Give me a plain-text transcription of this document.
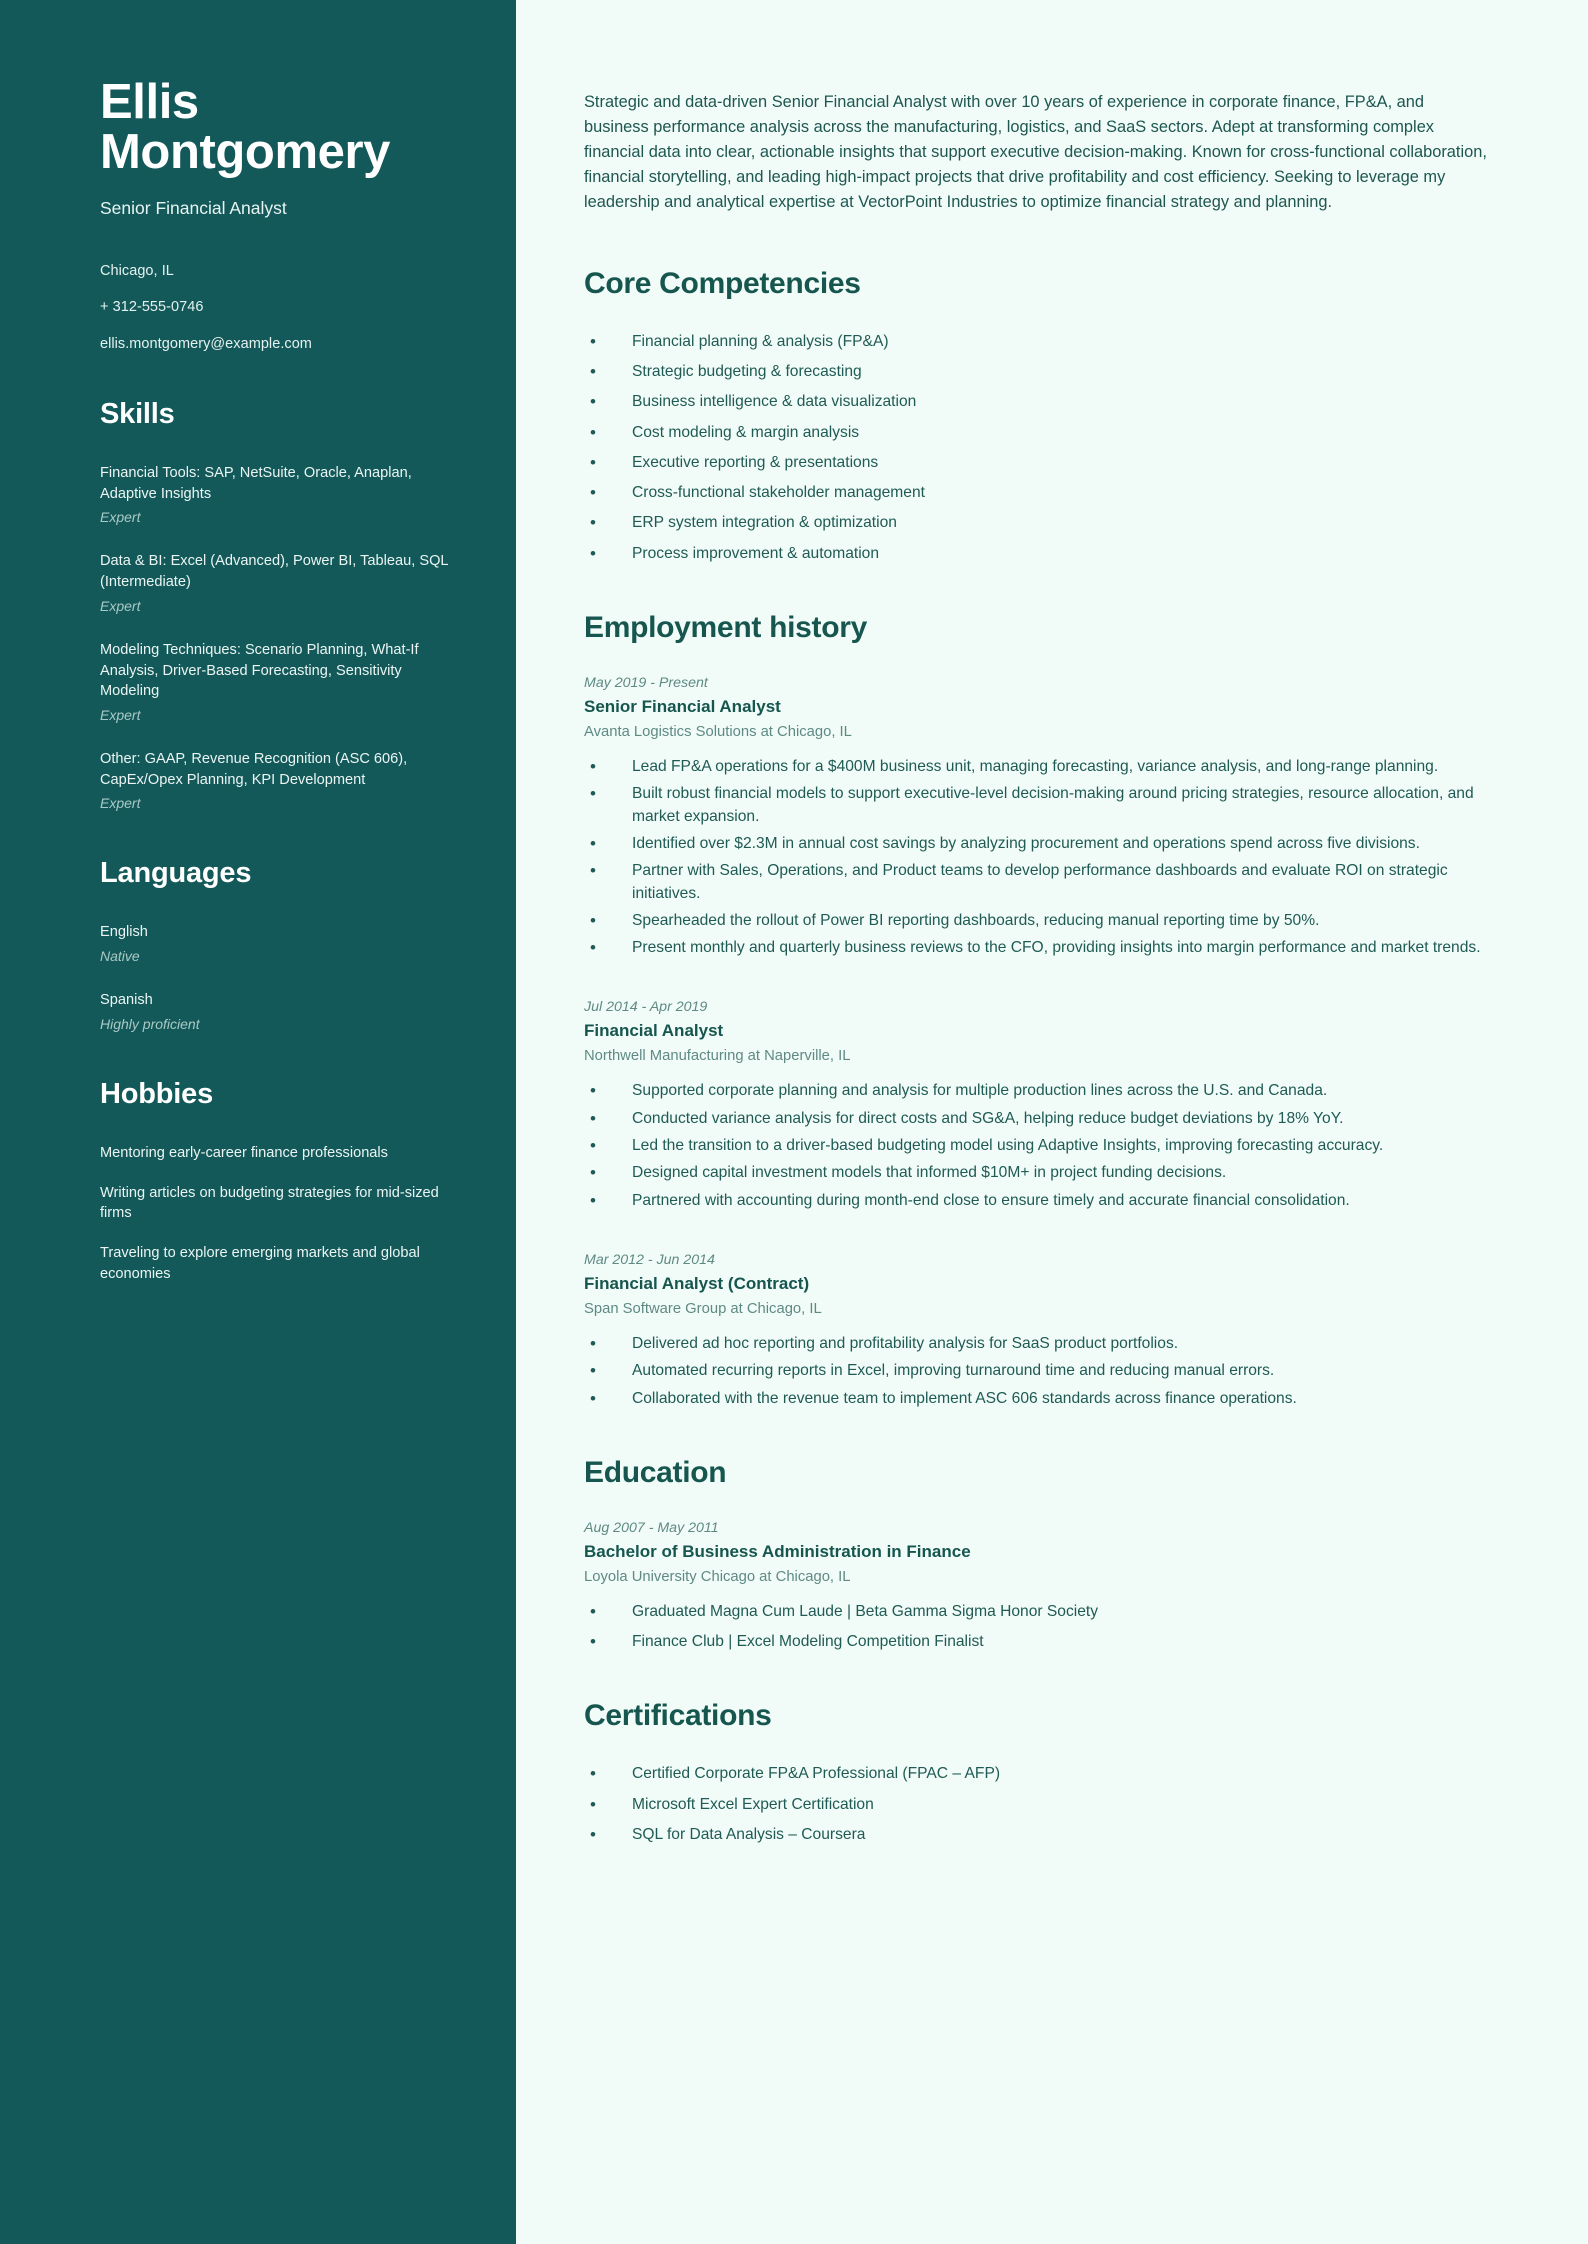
Ellis Montgomery
Senior Financial Analyst
Chicago, IL
+ 312-555-0746
ellis.montgomery@example.com
Skills
Financial Tools: SAP, NetSuite, Oracle, Anaplan, Adaptive Insights
Expert
Data & BI: Excel (Advanced), Power BI, Tableau, SQL (Intermediate)
Expert
Modeling Techniques: Scenario Planning, What-If Analysis, Driver-Based Forecasting, Sensitivity Modeling
Expert
Other: GAAP, Revenue Recognition (ASC 606), CapEx/Opex Planning, KPI Development
Expert
Languages
English
Native
Spanish
Highly proficient
Hobbies
Mentoring early-career finance professionals
Writing articles on budgeting strategies for mid-sized firms
Traveling to explore emerging markets and global economies

Strategic and data-driven Senior Financial Analyst with over 10 years of experience in corporate finance, FP&A, and business performance analysis across the manufacturing, logistics, and SaaS sectors. Adept at transforming complex financial data into clear, actionable insights that support executive decision-making. Known for cross-functional collaboration, financial storytelling, and leading high-impact projects that drive profitability and cost efficiency. Seeking to leverage my leadership and analytical expertise at VectorPoint Industries to optimize financial strategy and planning.

Core Competencies
• Financial planning & analysis (FP&A)
• Strategic budgeting & forecasting
• Business intelligence & data visualization
• Cost modeling & margin analysis
• Executive reporting & presentations
• Cross-functional stakeholder management
• ERP system integration & optimization
• Process improvement & automation
Employment history
May 2019 - Present
Senior Financial Analyst
Avanta Logistics Solutions at Chicago, IL
• Lead FP&A operations for a $400M business unit, managing forecasting, variance analysis, and long-range planning.
• Built robust financial models to support executive-level decision-making around pricing strategies, resource allocation, and market expansion.
• Identified over $2.3M in annual cost savings by analyzing procurement and operations spend across five divisions.
• Partner with Sales, Operations, and Product teams to develop performance dashboards and evaluate ROI on strategic initiatives.
• Spearheaded the rollout of Power BI reporting dashboards, reducing manual reporting time by 50%.
• Present monthly and quarterly business reviews to the CFO, providing insights into margin performance and market trends.
Jul 2014 - Apr 2019
Financial Analyst
Northwell Manufacturing at Naperville, IL
• Supported corporate planning and analysis for multiple production lines across the U.S. and Canada.
• Conducted variance analysis for direct costs and SG&A, helping reduce budget deviations by 18% YoY.
• Led the transition to a driver-based budgeting model using Adaptive Insights, improving forecasting accuracy.
• Designed capital investment models that informed $10M+ in project funding decisions.
• Partnered with accounting during month-end close to ensure timely and accurate financial consolidation.
Mar 2012 - Jun 2014
Financial Analyst (Contract)
Span Software Group at Chicago, IL
• Delivered ad hoc reporting and profitability analysis for SaaS product portfolios.
• Automated recurring reports in Excel, improving turnaround time and reducing manual errors.
• Collaborated with the revenue team to implement ASC 606 standards across finance operations.
Education
Aug 2007 - May 2011
Bachelor of Business Administration in Finance
Loyola University Chicago at Chicago, IL
• Graduated Magna Cum Laude | Beta Gamma Sigma Honor Society
• Finance Club | Excel Modeling Competition Finalist
Certifications
• Certified Corporate FP&A Professional (FPAC – AFP)
• Microsoft Excel Expert Certification
• SQL for Data Analysis – Coursera
